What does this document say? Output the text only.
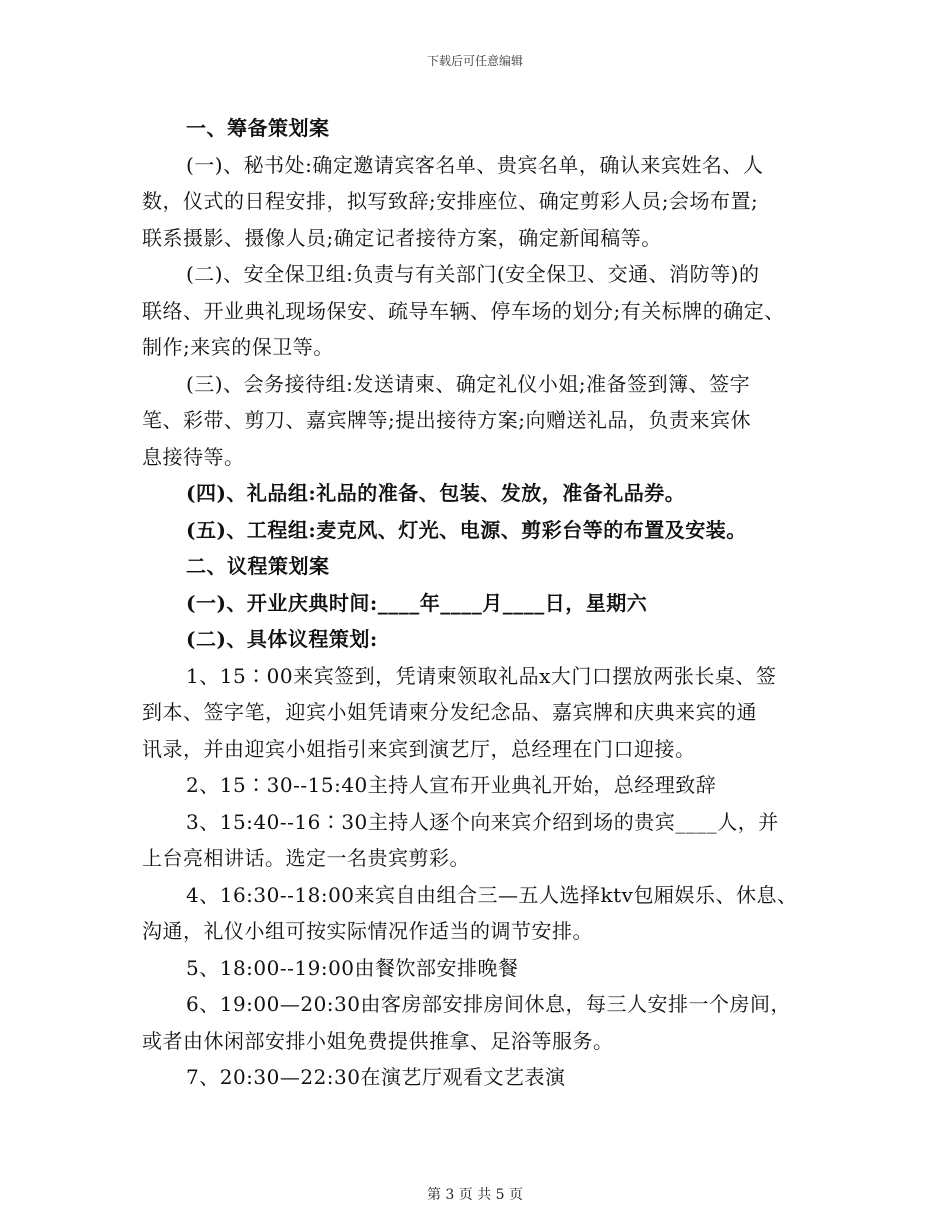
下载后可任意编辑
一、筹备策划案
(一)、秘书处:确定邀请宾客名单、贵宾名单，确认来宾姓名、人
数，仪式的日程安排，拟写致辞;安排座位、确定剪彩人员;会场布置;
联系摄影、摄像人员;确定记者接待方案，确定新闻稿等。
(二)、安全保卫组:负责与有关部门(安全保卫、交通、消防等)的
联络、开业典礼现场保安、疏导车辆、停车场的划分;有关标牌的确定、
制作;来宾的保卫等。
(三)、会务接待组:发送请柬、确定礼仪小姐;准备签到簿、签字
笔、彩带、剪刀、嘉宾牌等;提出接待方案;向赠送礼品，负责来宾休
息接待等。
(四)、礼品组:礼品的准备、包装、发放，准备礼品券。
(五)、工程组:麦克风、灯光、电源、剪彩台等的布置及安装。
二、议程策划案
(一)、开业庆典时间:____年____月____日，星期六
(二)、具体议程策划:
1、15∶00来宾签到，凭请柬领取礼品x大门口摆放两张长桌、签
到本、签字笔，迎宾小姐凭请柬分发纪念品、嘉宾牌和庆典来宾的通
讯录，并由迎宾小姐指引来宾到演艺厅，总经理在门口迎接。
2、15∶30--15:40主持人宣布开业典礼开始，总经理致辞
3、15:40--16∶30主持人逐个向来宾介绍到场的贵宾____人，并
上台亮相讲话。选定一名贵宾剪彩。
4、16:30--18:00来宾自由组合三—五人选择ktv包厢娱乐、休息、
沟通，礼仪小组可按实际情况作适当的调节安排。
5、18:00--19:00由餐饮部安排晚餐
6、19:00—20:30由客房部安排房间休息，每三人安排一个房间，
或者由休闲部安排小姐免费提供推拿、足浴等服务。
7、20:30—22:30在演艺厅观看文艺表演
第 3 页 共 5 页
